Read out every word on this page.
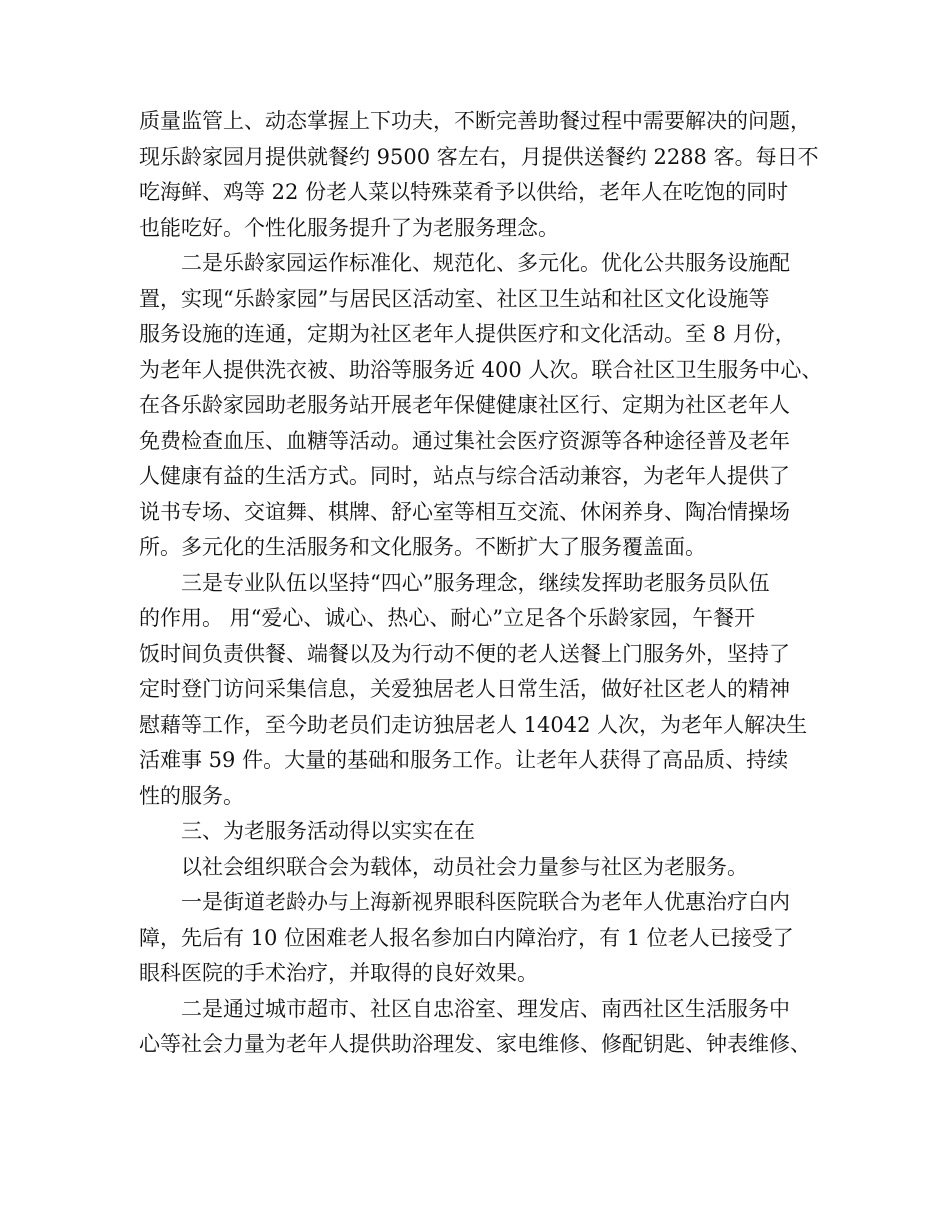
质量监管上、动态掌握上下功夫，不断完善助餐过程中需要解决的问题，
现乐龄家园月提供就餐约 9500 客左右，月提供送餐约 2288 客。每日不
吃海鲜、鸡等 22 份老人菜以特殊菜肴予以供给，老年人在吃饱的同时
也能吃好。个性化服务提升了为老服务理念。
二是乐龄家园运作标准化、规范化、多元化。优化公共服务设施配
置，实现“乐龄家园”与居民区活动室、社区卫生站和社区文化设施等
服务设施的连通，定期为社区老年人提供医疗和文化活动。至 8 月份，
为老年人提供洗衣被、助浴等服务近 400 人次。联合社区卫生服务中心、
在各乐龄家园助老服务站开展老年保健健康社区行、定期为社区老年人
免费检查血压、血糖等活动。通过集社会医疗资源等各种途径普及老年
人健康有益的生活方式。同时，站点与综合活动兼容，为老年人提供了
说书专场、交谊舞、棋牌、舒心室等相互交流、休闲养身、陶冶情操场
所。多元化的生活服务和文化服务。不断扩大了服务覆盖面。
三是专业队伍以坚持“四心”服务理念，继续发挥助老服务员队伍
的作用。 用“爱心、诚心、热心、耐心”立足各个乐龄家园，午餐开
饭时间负责供餐、端餐以及为行动不便的老人送餐上门服务外，坚持了
定时登门访问采集信息，关爱独居老人日常生活，做好社区老人的精神
慰藉等工作，至今助老员们走访独居老人 14042 人次，为老年人解决生
活难事 59 件。大量的基础和服务工作。让老年人获得了高品质、持续
性的服务。
三、为老服务活动得以实实在在
以社会组织联合会为载体，动员社会力量参与社区为老服务。
一是街道老龄办与上海新视界眼科医院联合为老年人优惠治疗白内
障，先后有 10 位困难老人报名参加白内障治疗，有 1 位老人已接受了
眼科医院的手术治疗，并取得的良好效果。
二是通过城市超市、社区自忠浴室、理发店、南西社区生活服务中
心等社会力量为老年人提供助浴理发、家电维修、修配钥匙、钟表维修、
